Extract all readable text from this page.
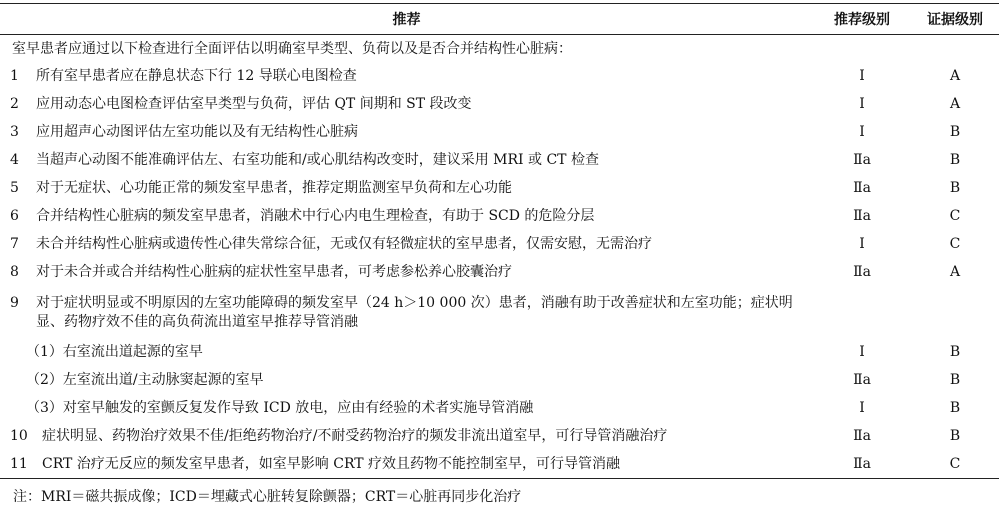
推荐	推荐级别	证据级别
室早患者应通过以下检查进行全面评估以明确室早类型、负荷以及是否合并结构性心脏病：		
1 所有室早患者应在静息状态下行 12 导联心电图检查	Ⅰ	A
2 应用动态心电图检查评估室早类型与负荷，评估 QT 间期和 ST 段改变	Ⅰ	A
3 应用超声心动图评估左室功能以及有无结构性心脏病	Ⅰ	B
4 当超声心动图不能准确评估左、右室功能和/或心肌结构改变时，建议采用 MRI 或 CT 检查	Ⅱa	B
5 对于无症状、心功能正常的频发室早患者，推荐定期监测室早负荷和左心功能	Ⅱa	B
6 合并结构性心脏病的频发室早患者，消融术中行心内电生理检查，有助于 SCD 的危险分层	Ⅱa	C
7 未合并结构性心脏病或遗传性心律失常综合征，无或仅有轻微症状的室早患者，仅需安慰，无需治疗	Ⅰ	C
8 对于未合并或合并结构性心脏病的症状性室早患者，可考虑参松养心胶囊治疗	Ⅱa	A
9 对于症状明显或不明原因的左室功能障碍的频发室早（24 h＞10 000 次）患者，消融有助于改善症状和左室功能；症状明显、药物疗效不佳的高负荷流出道室早推荐导管消融		
（1）右室流出道起源的室早	Ⅰ	B
（2）左室流出道/主动脉窦起源的室早	Ⅱa	B
（3）对室早触发的室颤反复发作导致 ICD 放电，应由有经验的术者实施导管消融	Ⅰ	B
10 症状明显、药物治疗效果不佳/拒绝药物治疗/不耐受药物治疗的频发非流出道室早，可行导管消融治疗	Ⅱa	B
11 CRT 治疗无反应的频发室早患者，如室早影响 CRT 疗效且药物不能控制室早，可行导管消融	Ⅱa	C
注：MRI＝磁共振成像；ICD＝埋藏式心脏转复除颤器；CRT＝心脏再同步化治疗
